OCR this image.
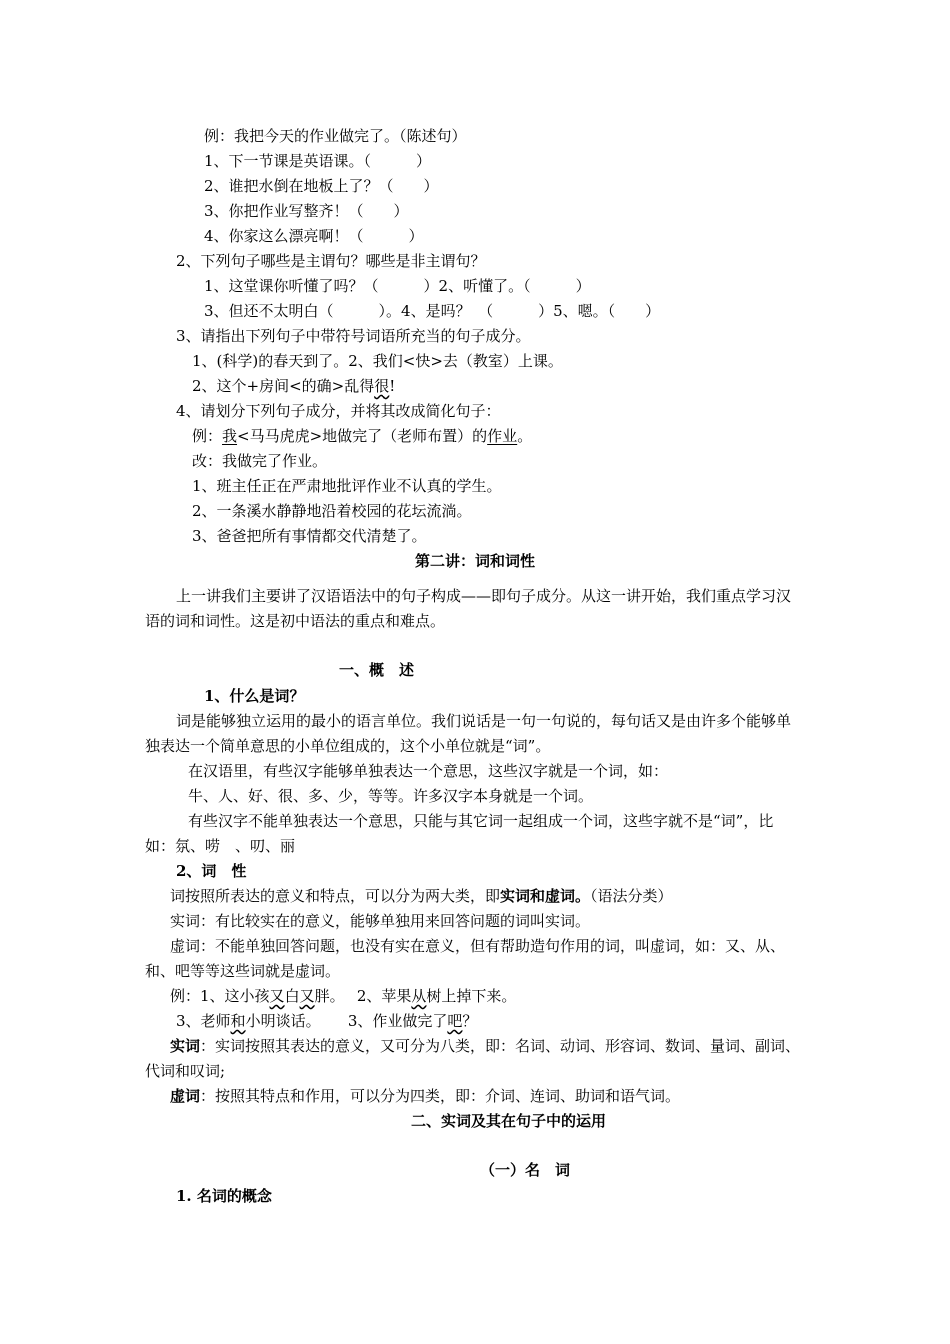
例：我把今天的作业做完了。（陈述句）
1、下一节课是英语课。（　　　）
2、谁把水倒在地板上了？（　　）
3、你把作业写整齐！（　　）
4、你家这么漂亮啊！（　　　）
2、下列句子哪些是主谓句？哪些是非主谓句？
1、这堂课你听懂了吗？（　　　）2、听懂了。（　　　）
3、但还不太明白（　　　）。4、是吗？　（　　　）5、嗯。（　　）
3、请指出下列句子中带符号词语所充当的句子成分。
1、(科学)的春天到了。2、我们<快>去（教室）上课。
2、这个+房间<的确>乱得很!
4、请划分下列句子成分，并将其改成简化句子：
例：我<马马虎虎>地做完了（老师布置）的作业。
改：我做完了作业。
1、班主任正在严肃地批评作业不认真的学生。
2、一条溪水静静地沿着校园的花坛流淌。
3、爸爸把所有事情都交代清楚了。
第二讲：词和词性
上一讲我们主要讲了汉语语法中的句子构成——即句子成分。从这一讲开始，我们重点学习汉
语的词和词性。这是初中语法的重点和难点。
一、概　述
1、什么是词？
词是能够独立运用的最小的语言单位。我们说话是一句一句说的，每句话又是由许多个能够单
独表达一个简单意思的小单位组成的，这个小单位就是“词”。
在汉语里，有些汉字能够单独表达一个意思，这些汉字就是一个词，如：
牛、人、好、很、多、少，等等。许多汉字本身就是一个词。
有些汉字不能单独表达一个意思，只能与其它词一起组成一个词，这些字就不是“词”，比
如：氛、唠　、叨、丽
2、词　性
词按照所表达的意义和特点，可以分为两大类，即实词和虚词。（语法分类）
实词：有比较实在的意义，能够单独用来回答问题的词叫实词。
虚词：不能单独回答问题，也没有实在意义，但有帮助造句作用的词，叫虚词，如：又、从、
和、吧等等这些词就是虚词。
例：1、这小孩又白又胖。　 2、苹果从树上掉下来。
3、老师和小明谈话。　　 3、作业做完了吧？
实词：实词按照其表达的意义，又可分为八类，即：名词、动词、形容词、数词、量词、副词、
代词和叹词;
虚词：按照其特点和作用，可以分为四类，即：介词、连词、助词和语气词。
二、实词及其在句子中的运用
（一）名　词
1. 名词的概念
